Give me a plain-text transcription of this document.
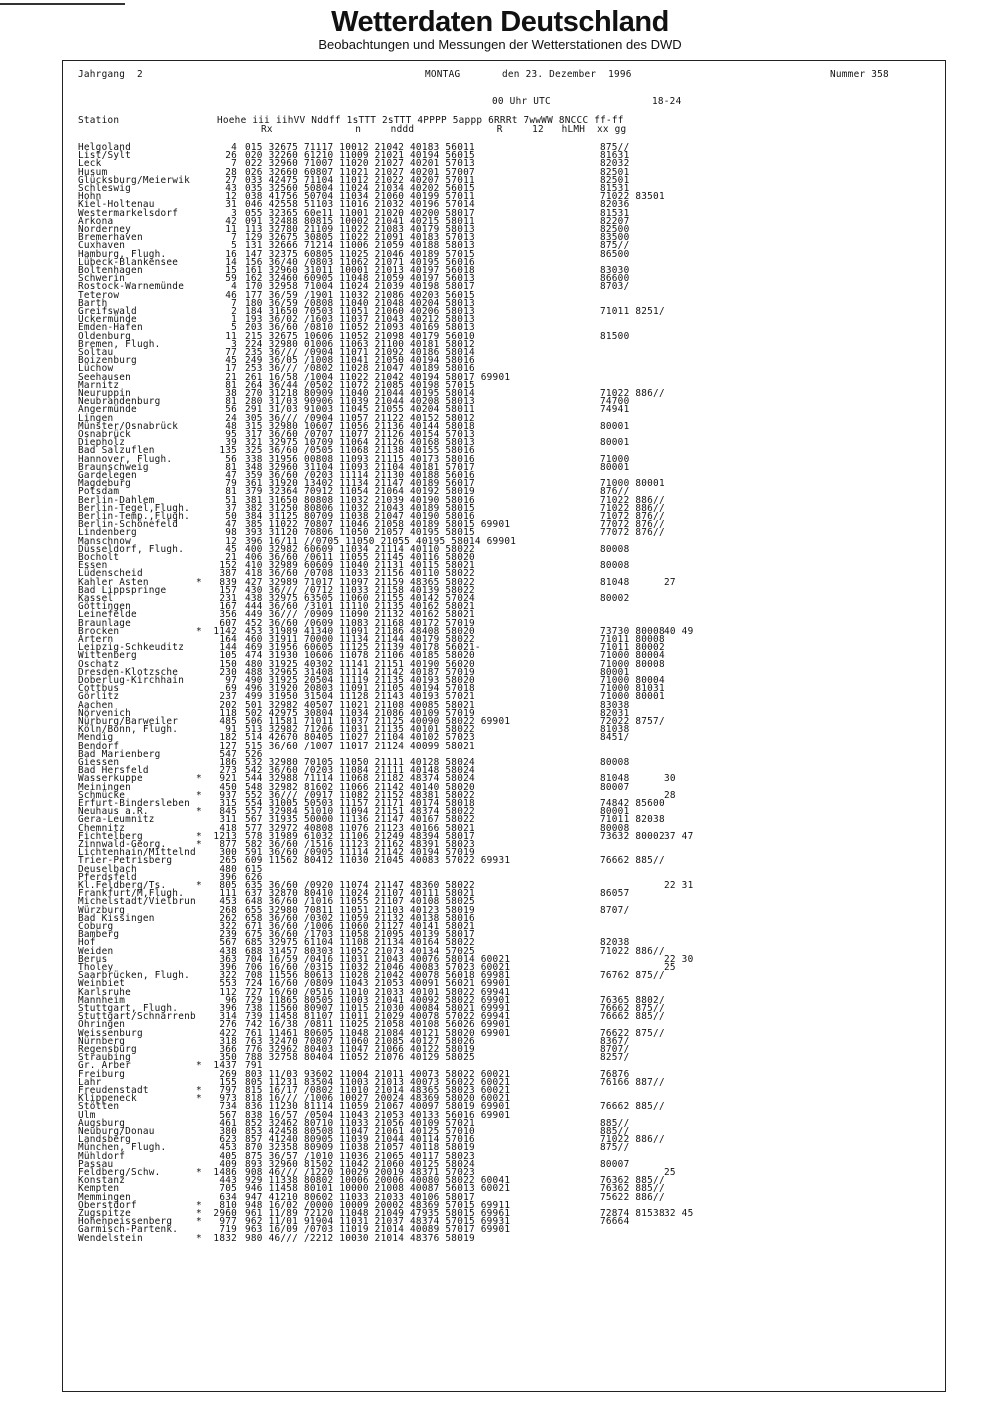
Wetterdaten Deutschland
Beobachtungen und Messungen der Wetterstationen des DWD
Jahrgang  2	MONTAG	den 23. Dezember  1996	Nummer 358
00 Uhr UTC	18-24
Station	Hoehe iii iihVV Nddff 1sTTT 2sTTT 4PPPP 5appp 6RRRt 7wwWW 8NCCC ff-ff
Rx              n     nddd              R     12   hLMH  xx gg
Helgoland	4 015 32675 71117 10012 21042 40183 56011	875//
List/Sylt	26 020 32260 61210 11009 21021 40194 56015	81631
Leck	7 022 32960 71007 11020 21027 40201 57013	82032
Husum	28 026 32660 60807 11021 21027 40201 57007	82501
Glücksburg/Meierwik	27 033 42475 71104 11012 21022 40207 57011	82501
Schleswig	43 035 32560 50804 11024 21034 40202 56015	81531
Hohn	12 038 41756 50704 11034 21060 40199 57011	71022 83501
Kiel-Holtenau	31 046 42558 51103 11016 21032 40196 57014	82036
Westermarkelsdorf	3 055 32365 60e11 11001 21020 40200 58017	81531
Arkona	42 091 32488 80815 10002 21041 40215 58011	82207
Norderney	11 113 32780 21109 11022 21083 40179 58013	82500
Bremerhaven	7 129 32675 30805 11022 21091 40183 57013	83500
Cuxhaven	5 131 32666 71214 11006 21059 40188 58013	875//
Hamburg, Flugh.	16 147 32375 60805 11025 21046 40189 57015	86500
Lübeck-Blankensee	14 156 36/40 /0803 11062 21071 40195 56016
Boltenhagen	15 161 32960 31011 10001 21013 40197 56018	83030
Schwerin	59 162 32460 60905 11048 21059 40197 56013	86600
Rostock-Warnemünde	4 170 32958 71004 11024 21039 40198 58017	8703/
Teterow	46 177 36/59 /1901 11032 21086 40203 56015
Barth	7 180 36/59 /0808 11040 21048 40204 58013
Greifswald	2 184 31650 70503 11051 21060 40206 58013	71011 8251/
Ückermünde	1 193 36/02 /1603 11037 21043 40212 58013
Emden-Hafen	5 203 36/60 /0810 11052 21093 40169 58013
Oldenburg	11 215 32675 10606 11052 21098 40179 56010	81500
Bremen, Flugh.	3 224 32980 01006 11063 21100 40181 58012
Soltau	77 235 36/// /0904 11071 21092 40186 58014
Boizenburg	45 249 36/05 /1008 11041 21050 40194 58016
Lüchow	17 253 36/// /0802 11028 21047 40189 58016
Seehausen	21 261 16/58 /1004 11022 21042 40194 58017 69901
Marnitz	81 264 36/44 /0502 11072 21085 40198 57015
Neuruppin	38 270 31218 80909 11040 21044 40195 58014	71022 886//
Neubrandenburg	81 280 31/03 90906 11039 21044 40208 58013	74700
Angermünde	56 291 31/03 91003 11045 21055 40204 58011	74941
Lingen	24 305 36/// /0904 11057 21122 40152 58012
Münster/Osnabrück	48 315 32980 10607 11056 21136 40144 58018	80001
Osnabrück	95 317 36/60 /0707 11077 21126 40154 57013
Diepholz	39 321 32975 10709 11064 21126 40168 58013	80001
Bad Salzuflen	135 325 36/60 /0505 11068 21138 40155 58016
Hannover, Flugh.	56 338 31956 00808 11093 21115 40173 58016	71000
Braunschweig	81 348 32960 31104 11093 21104 40181 57017	80001
Gardelegen	47 359 36/60 /0203 11114 21130 40188 56016
Magdeburg	79 361 31920 13402 11134 21147 40189 56017	71000 80001
Potsdam	81 379 32364 70912 11054 21064 40192 58019	876//
Berlin-Dahlem	51 381 31650 80808 11032 21039 40190 58016	71022 886//
Berlin-Tegel,Flugh.	37 382 31250 80806 11032 21043 40189 58015	71022 886//
Berlin-Temp.,Flugh.	50 384 31125 80709 11038 21047 40190 58016	71072 876//
Berlin-Schönefeld	47 385 11022 70807 11046 21058 40189 58015 69901	77072 876//
Lindenberg	98 393 31120 70806 11050 21057 40195 58015	77072 876//
Manschnow	12 396 16/11 //0705 11050 21055 40195 58014 69901
Düsseldorf, Flugh.	45 400 32982 60609 11034 21114 40110 58022	80008
Bocholt	21 406 36/60 /0611 11055 21145 40116 58020
Essen	152 410 32989 60609 11040 21131 40115 58021	80008
Lüdenscheid	387 418 36/60 /0708 11033 21156 40110 58022
Kahler Asten	*	839 427 32989 71017 11097 21159 48365 58022	81048	27
Bad Lippspringe	157 430 36/// /0712 11033 21158 40139 58022
Kassel	231 438 32975 63505 11060 21155 40142 57024	80002
Göttingen	167 444 36/60 /3101 11110 21135 40162 58021
Leinefelde	356 449 36/// /0909 11090 21132 40162 58021
Braunlage	607 452 36/60 /0609 11083 21168 40172 57019
Brocken	*	1142 453 31989 41340 11091 21186 48408 58020	73730 80008 40 49
Artern	164 460 31911 70000 11134 21144 40179 58022	71011 80008
Leipzig-Schkeuditz	144 469 31956 60605 11125 21139 40178 56021-	71011 80002
Wittenberg	105 474 31930 10606 11078 21106 40185 58020	71000 80004
Oschatz	150 480 31925 40302 11141 21151 40190 56020	71000 80008
Dresden-Klotzsche	230 488 32965 31408 11114 21142 40187 57019	80001
Doberlug-Kirchhain	97 490 31925 20504 11119 21135 40193 58020	71000 80004
Cottbus	69 496 31920 20803 11091 21105 40194 57018	71000 81031
Görlitz	237 499 31950 31504 11128 21143 40193 57021	71000 80001
Aachen	202 501 32982 40507 11021 21108 40085 58021	83038
Nörvenich	118 502 42975 30804 11034 21086 40109 57019	82031
Nürburg/Barweiler	485 506 11581 71011 11037 21125 40090 58022 69901	72022 8757/
Köln/Bonn, Flugh.	91 513 32982 71206 11031 21135 40101 58022	81038
Mendig	182 514 42670 80405 11027 21104 40102 57023	8451/
Bendorf	127 515 36/60 /1007 11017 21124 40099 58021
Bad Marienberg	547 526
Giessen	186 532 32980 70105 11050 21111 40128 58024	80008
Bad Hersfeld	273 542 36/60 /0203 11084 21111 40148 58024
Wasserkuppe	*	921 544 32988 71114 11068 21182 48374 58024	81048	30
Meiningen	450 548 32982 81602 11066 21142 40140 58020	80007
Schmücke	*	937 552 36/// /0917 11082 21152 48381 58022	28
Erfurt-Bindersleben	315 554 31005 50503 11157 21171 40174 58018	74842 85600
Neuhaus a.R.	*	845 557 32984 51010 11094 21151 48374 58022	80001
Gera-Leumnitz	311 567 31935 50000 11136 21147 40167 58022	71011 82038
Chemnitz	418 577 32972 40808 11076 21123 40166 58021	80008
Fichtelberg	*	1213 578 31989 61032 11106 21249 48394 58017	73632 80002 37 47
Zinnwald-Georg.	*	877 582 36/60 /1516 11123 21162 48391 58023
Lichtenhain/Mittelnd	300 591 36/60 /0905 11114 21142 40194 57019
Trier-Petrisberg	265 609 11562 80412 11030 21045 40083 57022 69931	76662 885//
Deuselbach	480 615
Pferdsfeld	396 626
Kl.Feldberg/Ts.	*	805 635 36/60 /0920 11074 21147 48360 58022	22 31
Frankfurt/M,Flugh.	111 637 32870 80410 11024 21107 40111 58021	86057
Michelstadt/Vielbrun	453 648 36/60 /1016 11055 21107 40108 58025
Würzburg	268 655 32980 70811 11051 21103 40123 58019	8707/
Bad Kissingen	262 658 36/60 /0302 11059 21132 40138 58016
Coburg	322 671 36/60 /1006 11060 21127 40141 58021
Bamberg	239 675 36/60 /1703 11058 21095 40139 58017
Hof	567 685 32975 61104 11108 21134 40164 58022	82038
Weiden	438 688 31457 80303 11052 21073 40134 57025	71022 886//
Berus	363 704 16/59 /0416 11031 21043 40076 58014 60021	22 30
Tholey	396 706 16/60 /0315 11032 21046 40083 57023 60021	25
Saarbrücken, Flugh.	322 708 11556 80613 11028 21042 40078 56018 69981	76762 875//
Weinbiet	553 724 16/60 /0809 11043 21053 40091 56021 69901
Karlsruhe	112 727 16/60 /0516 11010 21033 40101 58022 69941
Mannheim	96 729 11865 80505 11003 21041 40092 58022 69901	76365 8802/
Stuttgart, Flugh.	396 738 11560 80907 11015 21030 40084 58021 69991	76662 875//
Stuttgart/Schnarrenb	314 739 11458 81107 11011 21029 40078 57022 69941	76662 885//
Öhringen	276 742 16/38 /0811 11025 21058 40108 56026 69901
Weissenburg	422 761 11461 80605 11048 21084 40121 58020 69901	76622 875//
Nürnberg	318 763 32470 70807 11060 21085 40127 58026	8367/
Regensburg	366 776 32962 80403 11047 21066 40122 58019	8707/
Straubing	350 788 32758 80404 11052 21076 40129 58025	8257/
Gr. Arber	*	1437 791
Freiburg	269 803 11/03 93602 11004 21011 40073 58022 60021	76876
Lahr	155 805 11231 83504 11003 21013 40073 56022 60021	76166 887//
Freudenstadt	*	797 815 16/17 /0802 11010 21014 48365 58023 60021
Klippeneck	*	973 818 16/// /1006 10027 20024 48369 58020 60021
Stötten	734 836 11230 81114 11059 21067 40097 58019 69901	76662 885//
Ulm	567 838 16/57 /0504 11043 21053 40133 56016 69901
Augsburg	461 852 32462 80710 11033 21056 40109 57021	885//
Neuburg/Donau	380 853 42458 80508 11047 21061 40125 57010	885//
Landsberg	623 857 41240 80905 11039 21044 40114 57016	71022 886//
München, Flugh.	453 870 32358 80909 11038 21057 40118 58019	875//
Mühldorf	405 875 36/57 /1010 11036 21065 40117 58023
Passau	409 893 32960 81502 11042 21060 40125 58024	80007
Feldberg/Schw.	*	1486 908 46/// /1220 10029 20019 48371 57023	25
Konstanz	443 929 11338 80802 10006 20006 40080 58022 60041	76362 885//
Kempten	705 946 11458 80101 10000 21008 40087 56013 60021	76362 885//
Memmingen	634 947 41210 80602 11033 21033 40106 58017	75622 886//
Oberstdorf	*	810 948 16/02 /0000 10009 20002 48369 57015 69911
Zugspitze	*	2960 961 11/89 72120 11048 21049 47935 58015 69961	72874 81538 32 45
Hohenpeissenberg	*	977 962 11/01 91904 11031 21037 48374 57015 69931	76664
Garmisch-Partenk.	719 963 16/09 /0703 11019 21014 40089 57017 69901
Wendelstein	*	1832 980 46/// /2212 10030 21014 48376 58019
